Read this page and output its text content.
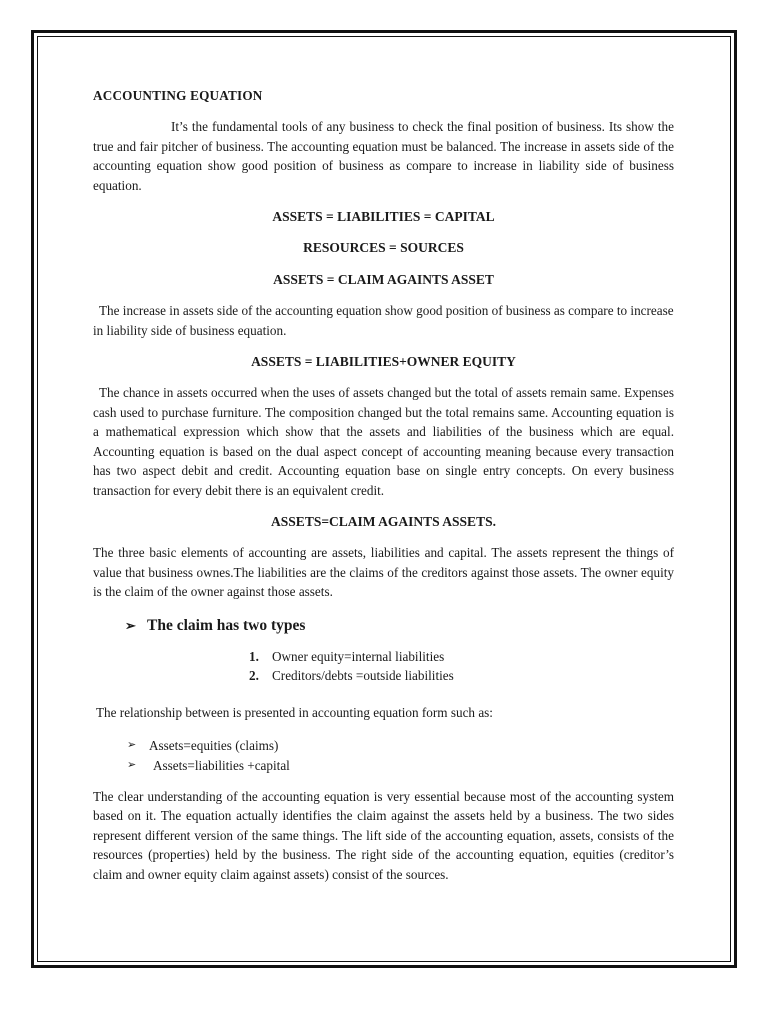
ACCOUNTING EQUATION

It’s the fundamental tools of any business to check the final position of business. Its show the true and fair pitcher of business. The accounting equation must be balanced. The increase in assets side of the accounting equation show good position of business as compare to increase in liability side of business equation.

ASSETS = LIABILITIES = CAPITAL

RESOURCES = SOURCES

ASSETS = CLAIM AGAINTS ASSET

The increase in assets side of the accounting equation show good position of business as compare to increase in liability side of business equation.

ASSETS = LIABILITIES+OWNER EQUITY

The chance in assets occurred when the uses of assets changed but the total of assets remain same. Expenses cash used to purchase furniture. The composition changed but the total remains same. Accounting equation is a mathematical expression which show that the assets and liabilities of the business which are equal. Accounting equation is based on the dual aspect concept of accounting meaning because every transaction has two aspect debit and credit. Accounting equation base on single entry concepts. On every business transaction for every debit there is an equivalent credit.

ASSETS=CLAIM AGAINTS ASSETS.

The three basic elements of accounting are assets, liabilities and capital. The assets represent the things of value that business ownes.The liabilities are the claims of the creditors against those assets. The owner equity is the claim of the owner against those assets.

➢ The claim has two types
1. Owner equity=internal liabilities
2. Creditors/debts =outside liabilities

The relationship between is presented in accounting equation form such as:

➢ Assets=equities (claims)
➢	Assets=liabilities +capital

The clear understanding of the accounting equation is very essential because most of the accounting system based on it. The equation actually identifies the claim against the assets held by a business. The two sides represent different version of the same things. The lift side of the accounting equation, assets, consists of the resources (properties) held by the business. The right side of the accounting equation, equities (creditor’s claim and owner equity claim against assets) consist of the sources.
